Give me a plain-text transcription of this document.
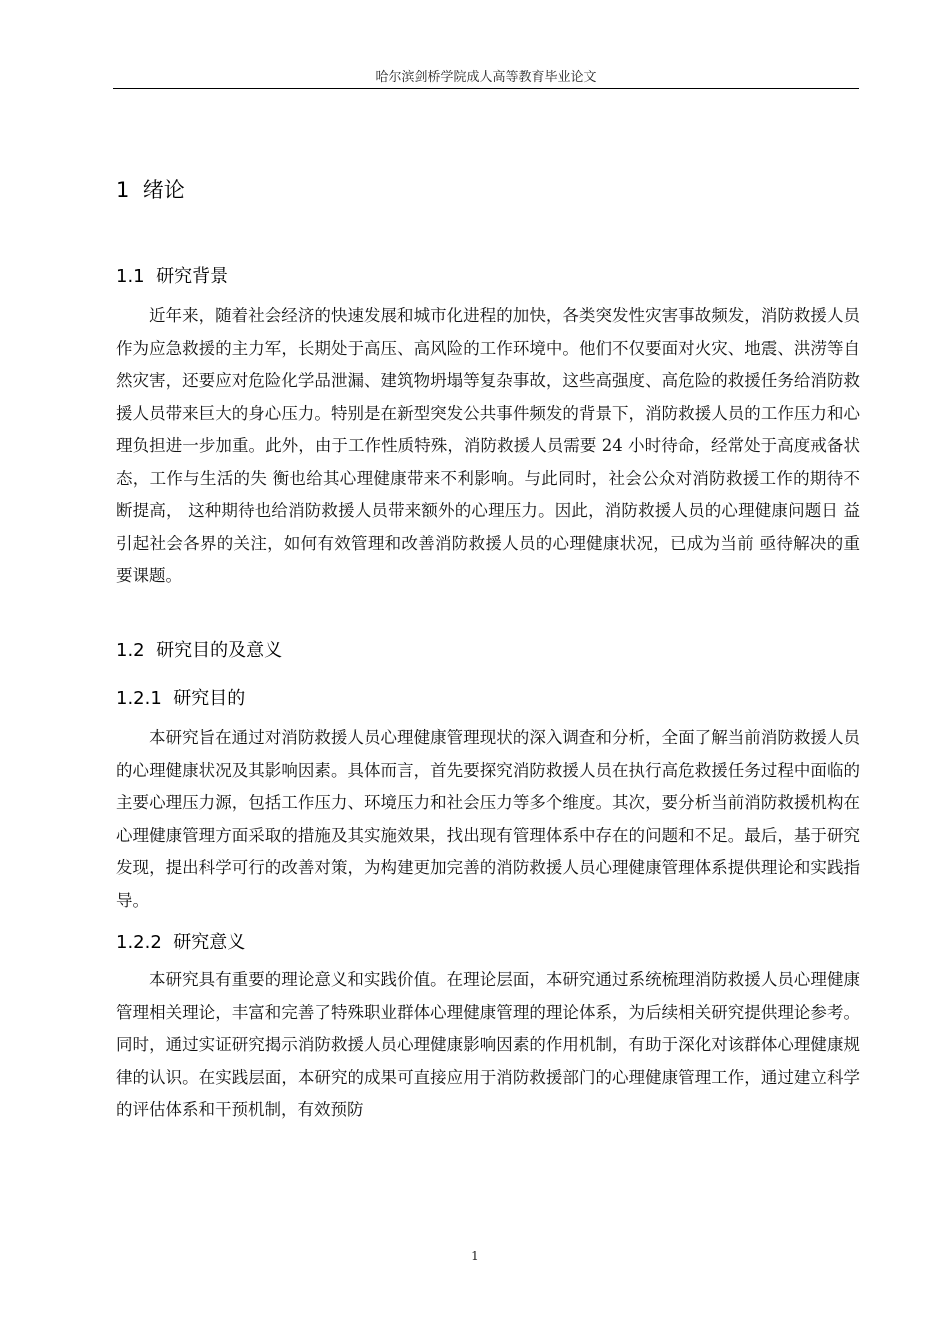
哈尔滨剑桥学院成人高等教育毕业论文
1  绪论
1.1  研究背景

近年来，随着社会经济的快速发展和城市化进程的加快，各类突发性灾害事故频发，消防救援人员作为应急救援的主力军，长期处于高压、高风险的工作环境中。他们不仅要面对火灾、地震、洪涝等自然灾害，还要应对危险化学品泄漏、建筑物坍塌等复杂事故，这些高强度、高危险的救援任务给消防救援人员带来巨大的身心压力。特别是在新型突发公共事件频发的背景下，消防救援人员的工作压力和心理负担进一步加重。此外，由于工作性质特殊，消防救援人员需要 24 小时待命，经常处于高度戒备状态，工作与生活的失 衡也给其心理健康带来不利影响。与此同时，社会公众对消防救援工作的期待不断提高， 这种期待也给消防救援人员带来额外的心理压力。因此，消防救援人员的心理健康问题日 益引起社会各界的关注，如何有效管理和改善消防救援人员的心理健康状况，已成为当前 亟待解决的重要课题。

1.2  研究目的及意义
1.2.1  研究目的

本研究旨在通过对消防救援人员心理健康管理现状的深入调查和分析，全面了解当前消防救援人员的心理健康状况及其影响因素。具体而言，首先要探究消防救援人员在执行高危救援任务过程中面临的主要心理压力源，包括工作压力、环境压力和社会压力等多个维度。其次，要分析当前消防救援机构在心理健康管理方面采取的措施及其实施效果，找出现有管理体系中存在的问题和不足。最后，基于研究发现，提出科学可行的改善对策，为构建更加完善的消防救援人员心理健康管理体系提供理论和实践指导。

1.2.2  研究意义

本研究具有重要的理论意义和实践价值。在理论层面，本研究通过系统梳理消防救援人员心理健康管理相关理论，丰富和完善了特殊职业群体心理健康管理的理论体系，为后续相关研究提供理论参考。同时，通过实证研究揭示消防救援人员心理健康影响因素的作用机制，有助于深化对该群体心理健康规律的认识。在实践层面，本研究的成果可直接应用于消防救援部门的心理健康管理工作，通过建立科学的评估体系和干预机制，有效预防

1
